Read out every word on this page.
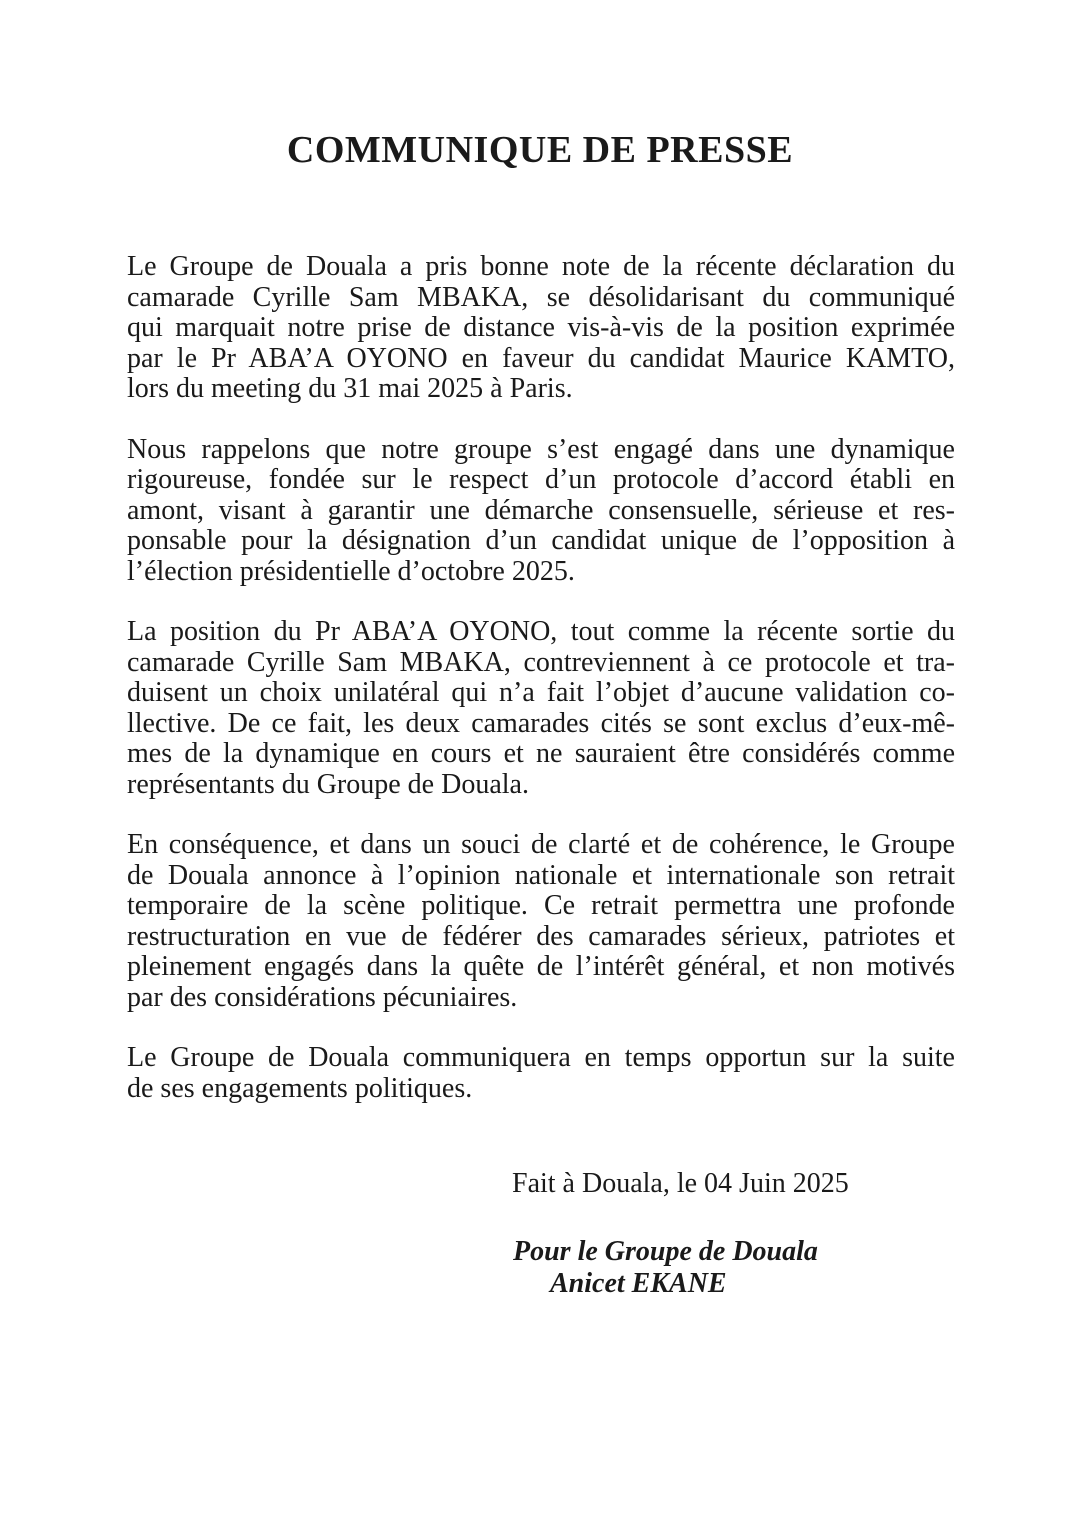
COMMUNIQUE DE PRESSE

Le Groupe de Douala a pris bonne note de la récente déclaration du
camarade Cyrille Sam MBAKA, se désolidarisant du communiqué
qui marquait notre prise de distance vis-à-vis de la position exprimée
par le Pr ABA’A OYONO en faveur du candidat Maurice KAMTO,
lors du meeting du 31 mai 2025 à Paris.

Nous rappelons que notre groupe s’est engagé dans une dynamique
rigoureuse, fondée sur le respect d’un protocole d’accord établi en
amont, visant à garantir une démarche consensuelle, sérieuse et res-
ponsable pour la désignation d’un candidat unique de l’opposition à
l’élection présidentielle d’octobre 2025.

La position du Pr ABA’A OYONO, tout comme la récente sortie du
camarade Cyrille Sam MBAKA, contreviennent à ce protocole et tra-
duisent un choix unilatéral qui n’a fait l’objet d’aucune validation co-
llective. De ce fait, les deux camarades cités se sont exclus d’eux-mê-
mes de la dynamique en cours et ne sauraient être considérés comme
représentants du Groupe de Douala.

En conséquence, et dans un souci de clarté et de cohérence, le Groupe
de Douala annonce à l’opinion nationale et internationale son retrait
temporaire de la scène politique. Ce retrait permettra une profonde
restructuration en vue de fédérer des camarades sérieux, patriotes et
pleinement engagés dans la quête de l’intérêt général, et non motivés
par des considérations pécuniaires.

Le Groupe de Douala communiquera en temps opportun sur la suite
de ses engagements politiques.

Fait à Douala, le 04 Juin 2025

Pour le Groupe de Douala

Anicet EKANE
